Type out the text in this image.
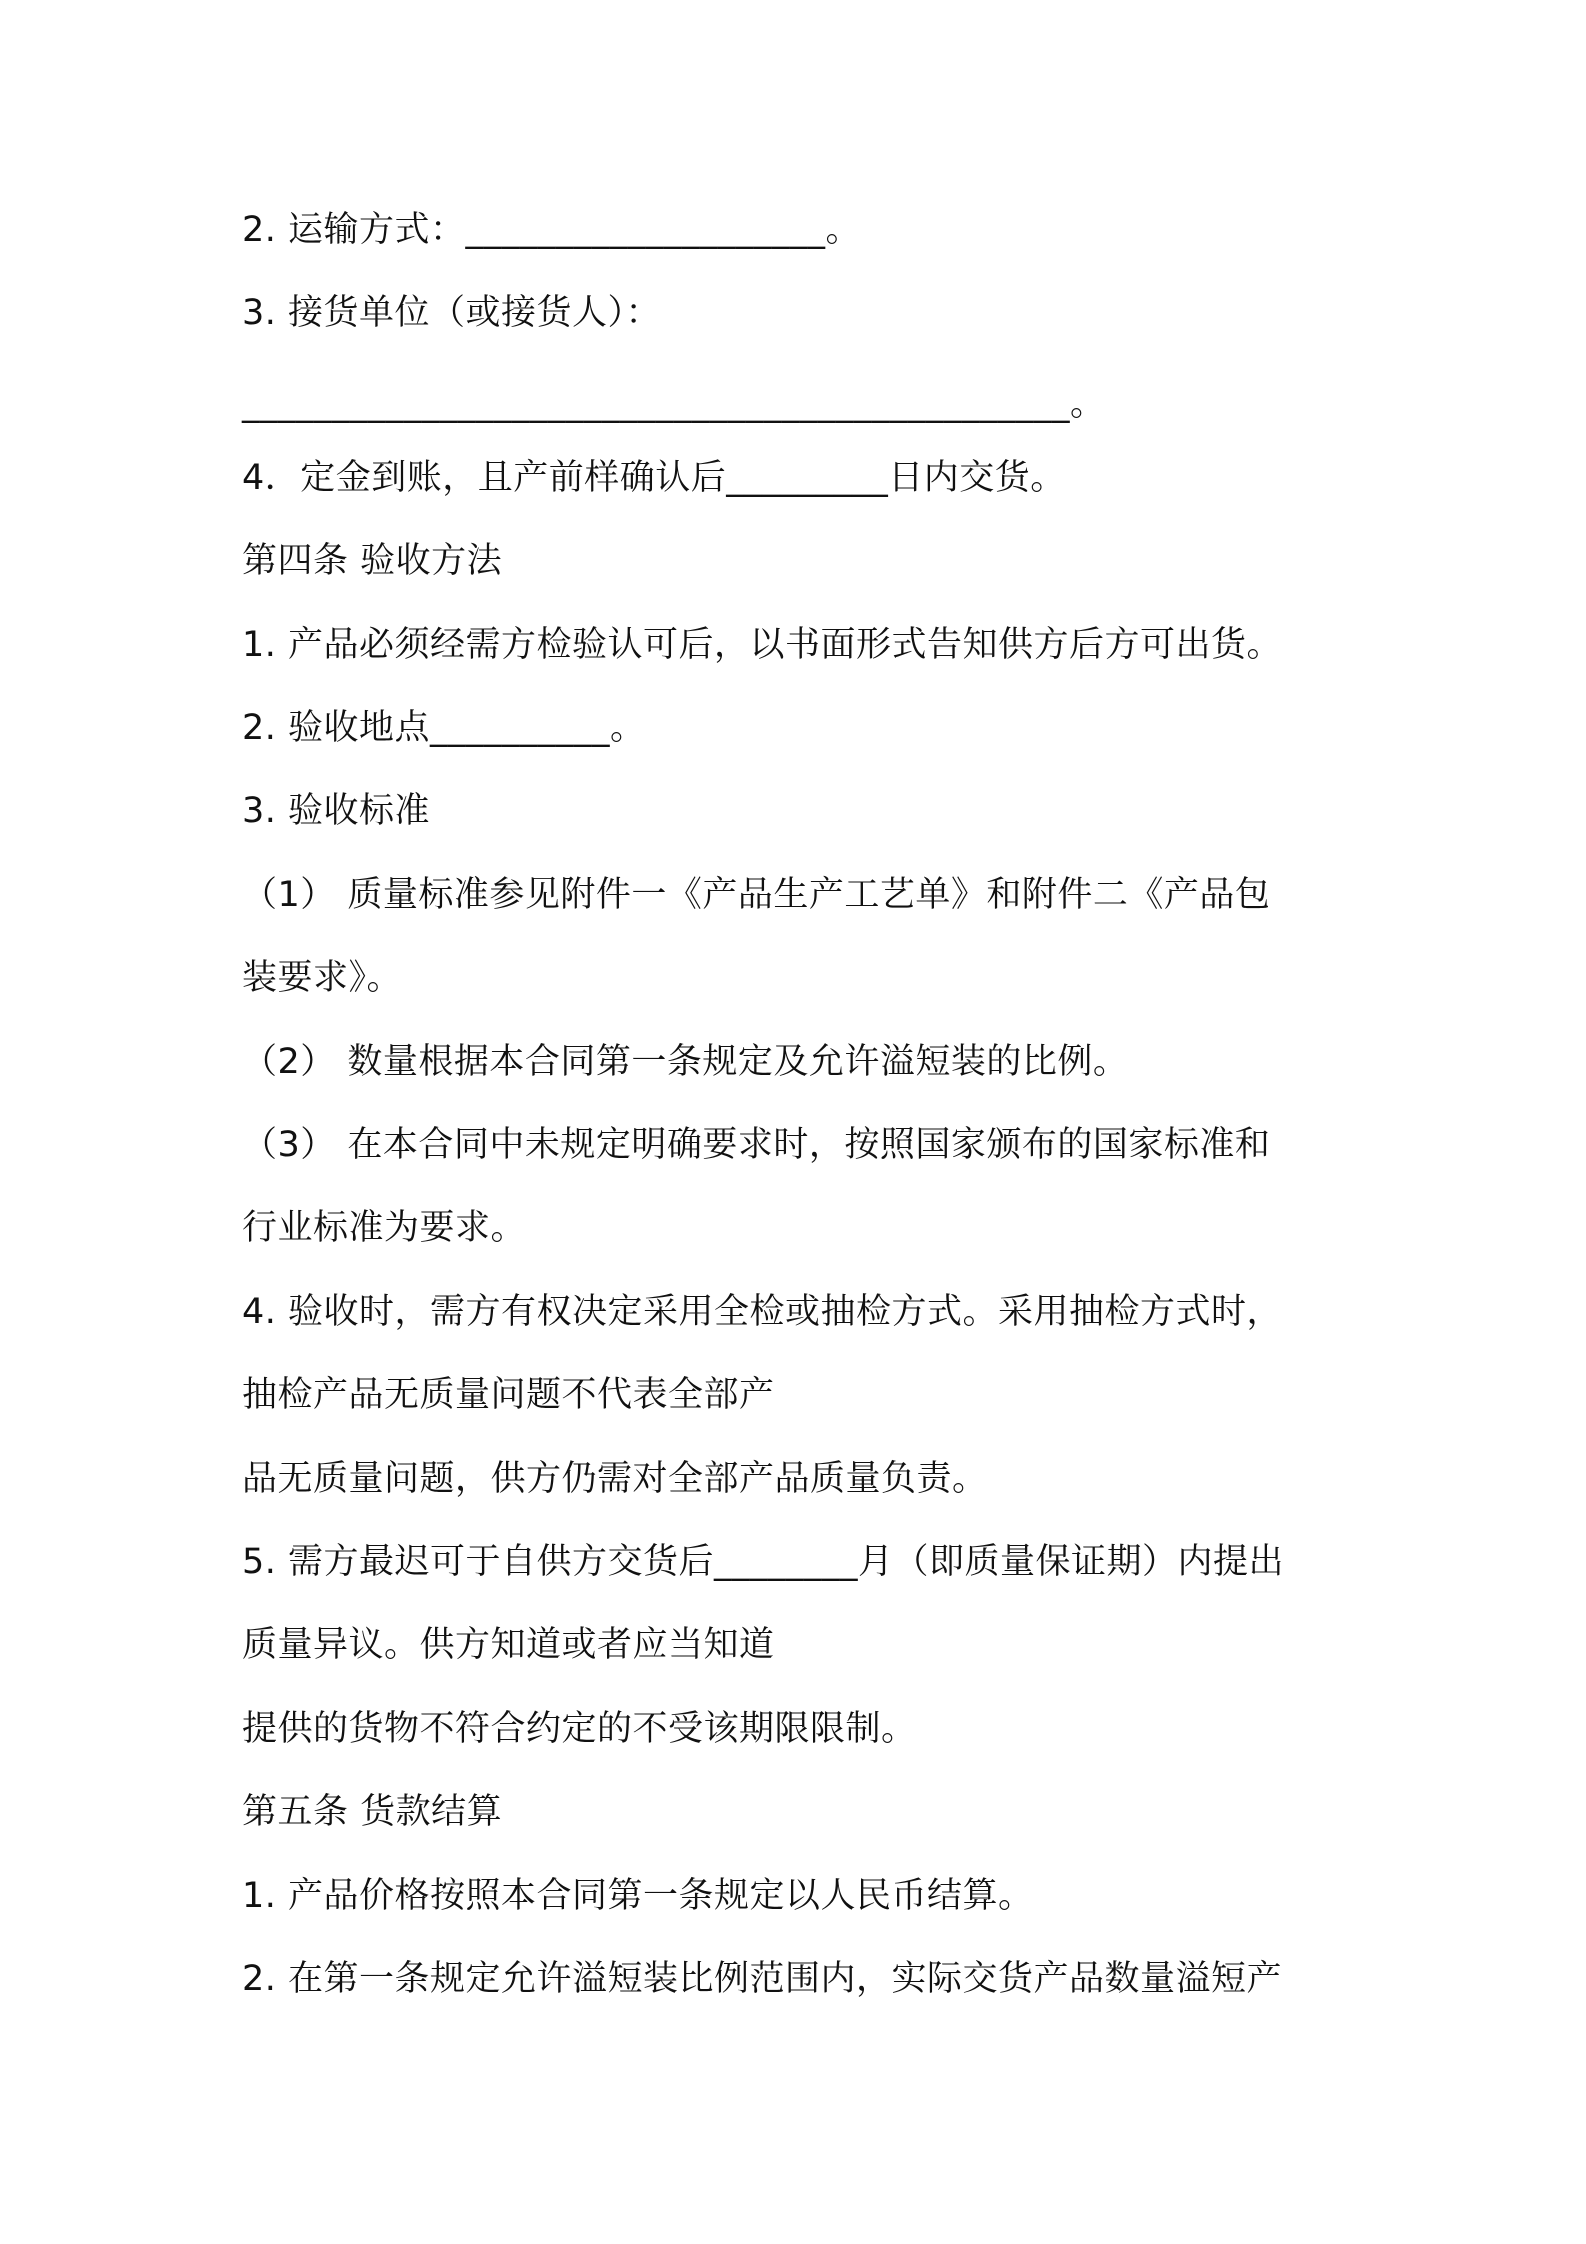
2. 运输方式：____________________。
3. 接货单位（或接货人）：
______________________________________________。
4．定金到账，且产前样确认后_________日内交货。
第四条 验收方法
1. 产品必须经需方检验认可后，以书面形式告知供方后方可出货。
2. 验收地点__________。
3. 验收标准
（1） 质量标准参见附件一《产品生产工艺单》和附件二《产品包
装要求》。
（2） 数量根据本合同第一条规定及允许溢短装的比例。
（3） 在本合同中未规定明确要求时，按照国家颁布的国家标准和
行业标准为要求。
4. 验收时，需方有权决定采用全检或抽检方式。采用抽检方式时，
抽检产品无质量问题不代表全部产
品无质量问题，供方仍需对全部产品质量负责。
5. 需方最迟可于自供方交货后________月（即质量保证期）内提出
质量异议。供方知道或者应当知道
提供的货物不符合约定的不受该期限限制。
第五条 货款结算
1. 产品价格按照本合同第一条规定以人民币结算。
2. 在第一条规定允许溢短装比例范围内，实际交货产品数量溢短产
